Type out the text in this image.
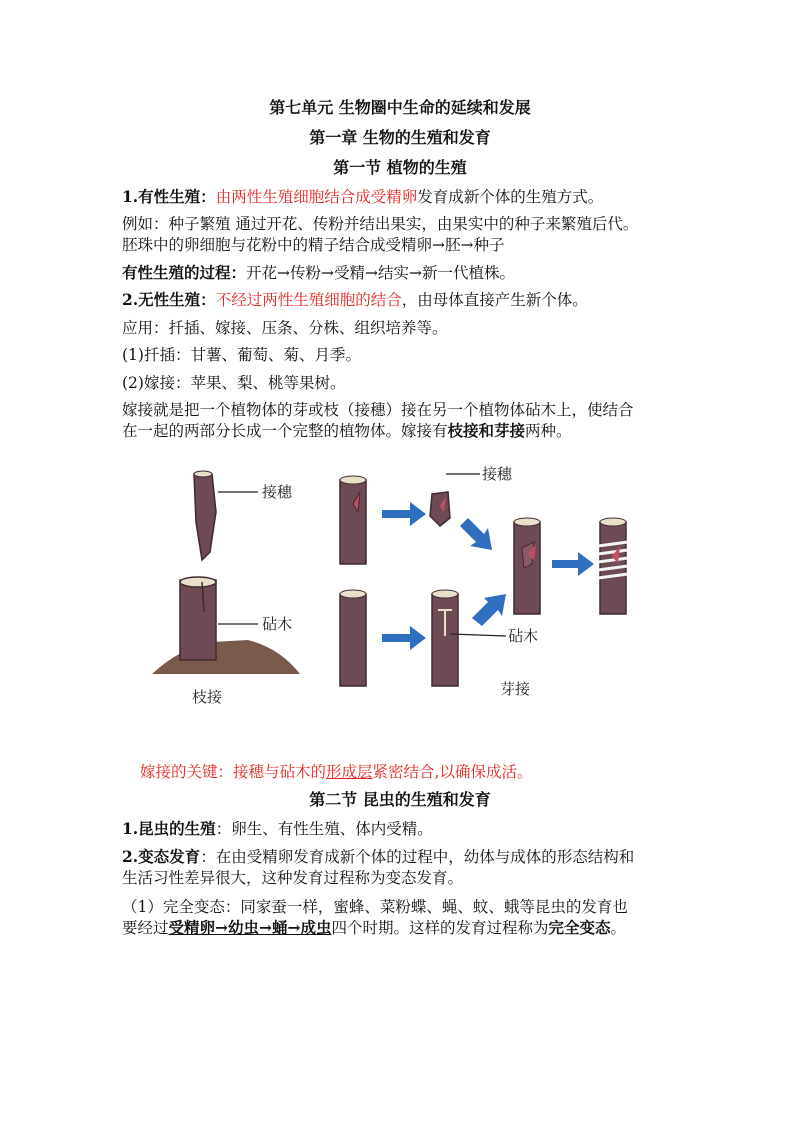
第七单元 生物圈中生命的延续和发展
第一章 生物的生殖和发育
第一节 植物的生殖
1.有性生殖：由两性生殖细胞结合成受精卵发育成新个体的生殖方式。
例如：种子繁殖 通过开花、传粉并结出果实，由果实中的种子来繁殖后代。
胚珠中的卵细胞与花粉中的精子结合成受精卵→胚→种子
有性生殖的过程：开花→传粉→受精→结实→新一代植株。
2.无性生殖：不经过两性生殖细胞的结合，由母体直接产生新个体。
应用：扦插、嫁接、压条、分株、组织培养等。
(1)扦插：甘薯、葡萄、菊、月季。
(2)嫁接：苹果、梨、桃等果树。
嫁接就是把一个植物体的芽或枝（接穗）接在另一个植物体砧木上，使结合
在一起的两部分长成一个完整的植物体。嫁接有枝接和芽接两种。
接穗
砧木
枝接
接穗
砧木
芽接
嫁接的关键：接穗与砧木的形成层紧密结合,以确保成活。
第二节 昆虫的生殖和发育
1.昆虫的生殖：卵生、有性生殖、体内受精。
2.变态发育：在由受精卵发育成新个体的过程中，幼体与成体的形态结构和
生活习性差异很大，这种发育过程称为变态发育。
（1）完全变态：同家蚕一样，蜜蜂、菜粉蝶、蝇、蚊、蛾等昆虫的发育也
要经过受精卵→幼虫→蛹→成虫四个时期。这样的发育过程称为完全变态。
